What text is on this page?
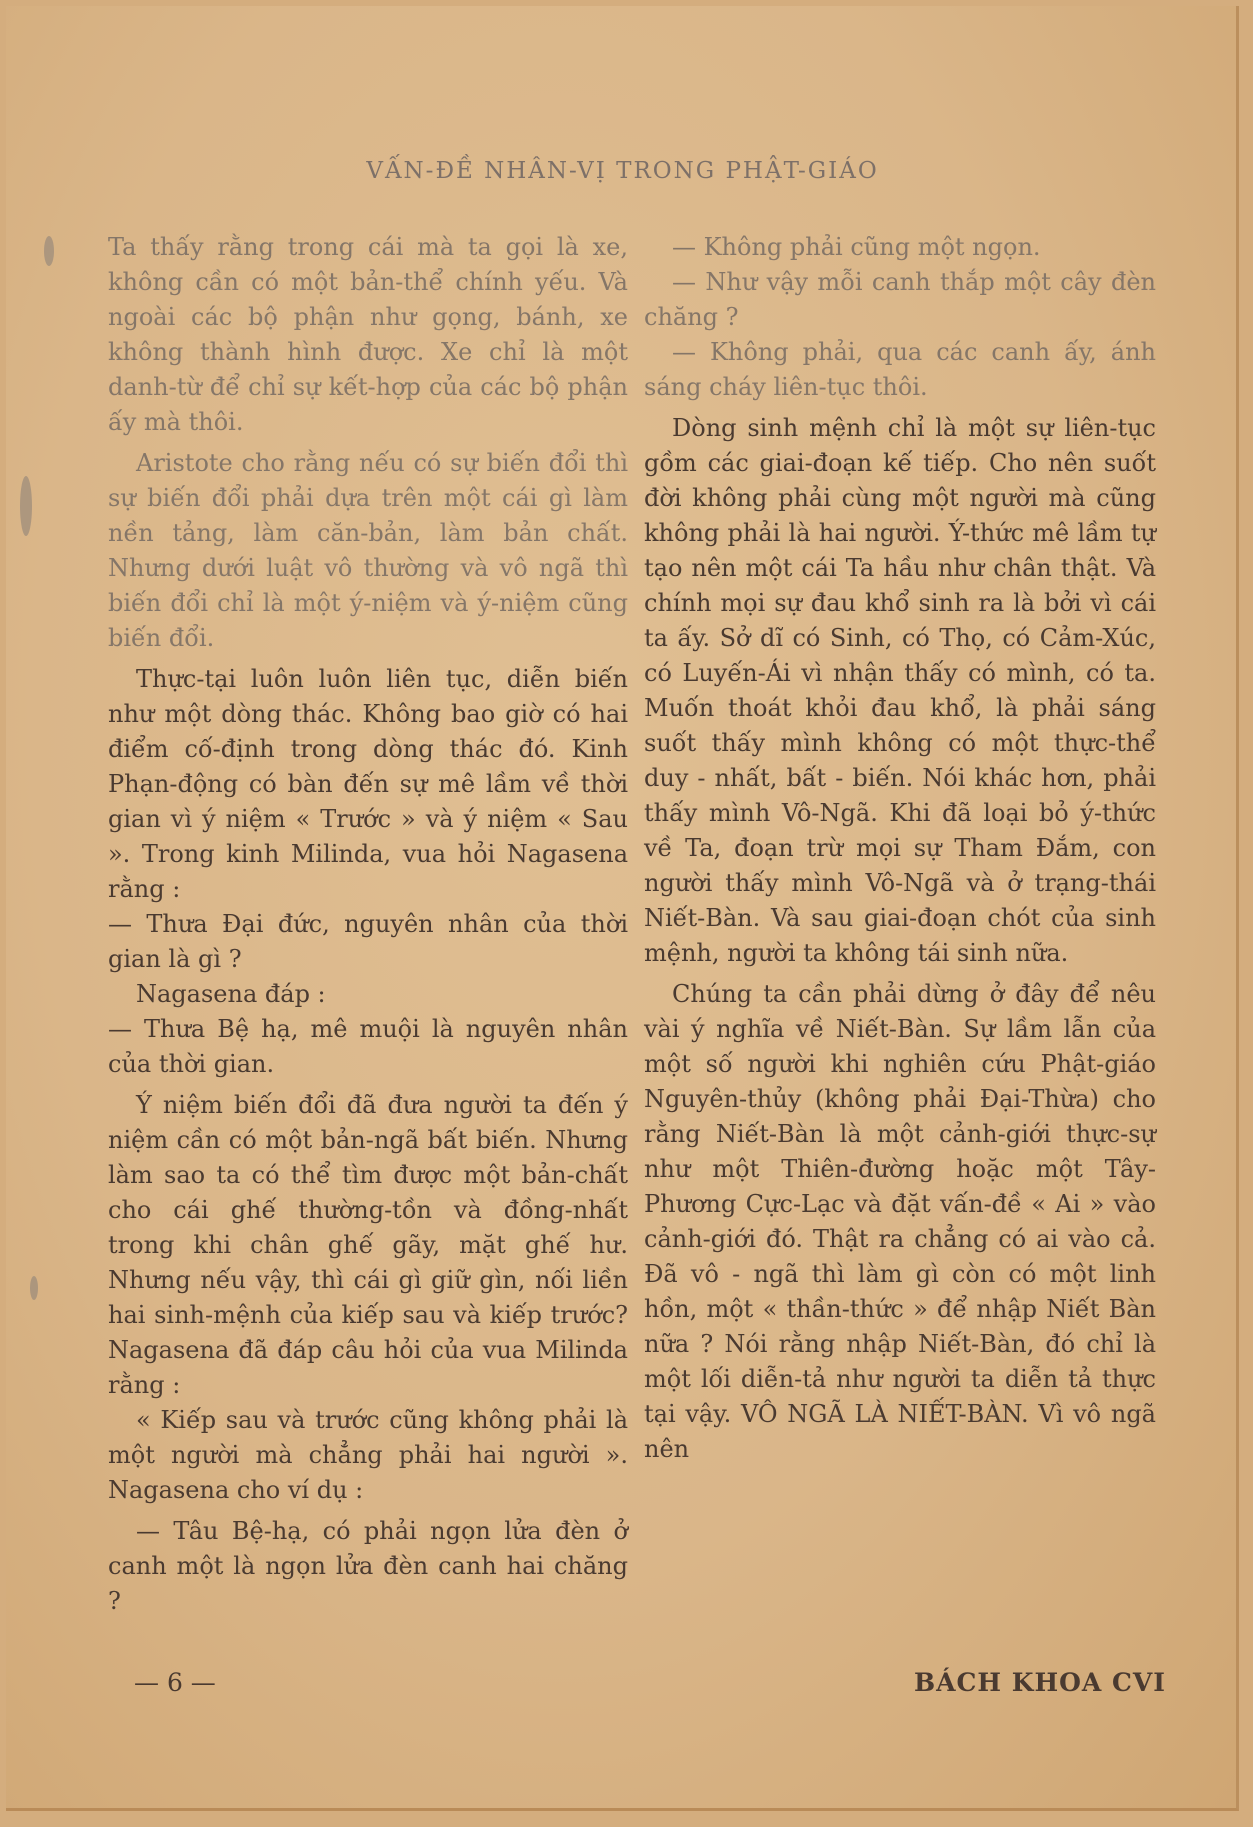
VẤN-ĐỀ NHÂN-VỊ TRONG PHẬT-GIÁO

Ta thấy rằng trong cái mà ta gọi là xe, không cần có một bản-thể chính yếu. Và ngoài các bộ phận như gọng, bánh, xe không thành hình được. Xe chỉ là một danh-từ để chỉ sự kết-hợp của các bộ phận ấy mà thôi.

Aristote cho rằng nếu có sự biến đổi thì sự biến đổi phải dựa trên một cái gì làm nền tảng, làm căn-bản, làm bản chất. Nhưng dưới luật vô thường và vô ngã thì biến đổi chỉ là một ý-niệm và ý-niệm cũng biến đổi.

Thực-tại luôn luôn liên tục, diễn biến như một dòng thác. Không bao giờ có hai điểm cố-định trong dòng thác đó. Kinh Phạn-động có bàn đến sự mê lầm về thời gian vì ý niệm « Trước » và ý niệm « Sau ». Trong kinh Milinda, vua hỏi Nagasena rằng :

— Thưa Đại đức, nguyên nhân của thời gian là gì ?

Nagasena đáp :

— Thưa Bệ hạ, mê muội là nguyên nhân của thời gian.

Ý niệm biến đổi đã đưa người ta đến ý niệm cần có một bản-ngã bất biến. Nhưng làm sao ta có thể tìm được một bản-chất cho cái ghế thường-tồn và đồng-nhất trong khi chân ghế gãy, mặt ghế hư. Nhưng nếu vậy, thì cái gì giữ gìn, nối liền hai sinh-mệnh của kiếp sau và kiếp trước? Nagasena đã đáp câu hỏi của vua Milinda rằng :

« Kiếp sau và trước cũng không phải là một người mà chẳng phải hai người ». Nagasena cho ví dụ :

— Tâu Bệ-hạ, có phải ngọn lửa đèn ở canh một là ngọn lửa đèn canh hai chăng ?

— Không phải cũng một ngọn.

— Như vậy mỗi canh thắp một cây đèn chăng ?

— Không phải, qua các canh ấy, ánh sáng cháy liên-tục thôi.

Dòng sinh mệnh chỉ là một sự liên-tục gồm các giai-đoạn kế tiếp. Cho nên suốt đời không phải cùng một người mà cũng không phải là hai người. Ý-thức mê lầm tự tạo nên một cái Ta hầu như chân thật. Và chính mọi sự đau khổ sinh ra là bởi vì cái ta ấy. Sở dĩ có Sinh, có Thọ, có Cảm-Xúc, có Luyến-Ái vì nhận thấy có mình, có ta. Muốn thoát khỏi đau khổ, là phải sáng suốt thấy mình không có một thực-thể duy - nhất, bất - biến. Nói khác hơn, phải thấy mình Vô-Ngã. Khi đã loại bỏ ý-thức về Ta, đoạn trừ mọi sự Tham Đắm, con người thấy mình Vô-Ngã và ở trạng-thái Niết-Bàn. Và sau giai-đoạn chót của sinh mệnh, người ta không tái sinh nữa.

Chúng ta cần phải dừng ở đây để nêu vài ý nghĩa về Niết-Bàn. Sự lầm lẫn của một số người khi nghiên cứu Phật-giáo Nguyên-thủy (không phải Đại-Thừa) cho rằng Niết-Bàn là một cảnh-giới thực-sự như một Thiên-đường hoặc một Tây-Phương Cực-Lạc và đặt vấn-đề « Ai » vào cảnh-giới đó. Thật ra chẳng có ai vào cả. Đã vô - ngã thì làm gì còn có một linh hồn, một « thần-thức » để nhập Niết Bàn nữa ? Nói rằng nhập Niết-Bàn, đó chỉ là một lối diễn-tả như người ta diễn tả thực tại vậy. VÔ NGÃ LÀ NIẾT-BÀN. Vì vô ngã nên

— 6 —	BÁCH KHOA CVI
